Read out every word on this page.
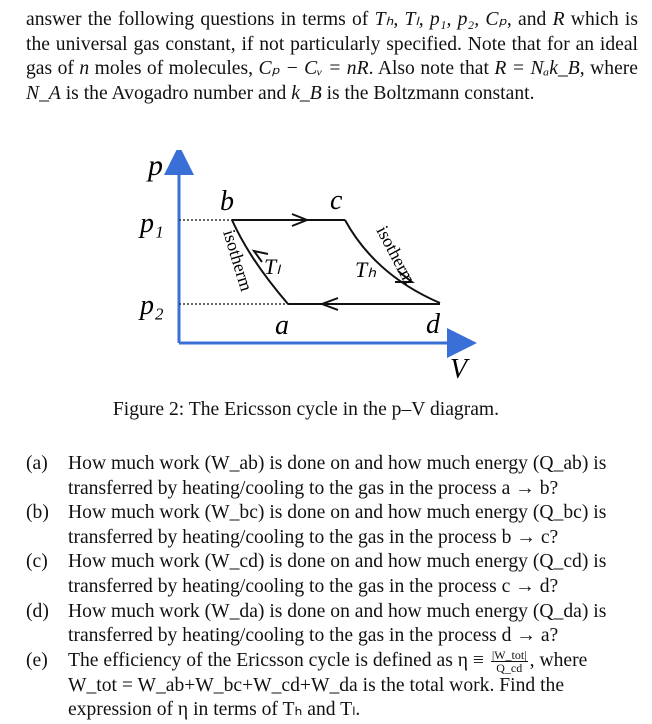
answer the following questions in terms of Tₕ, Tₗ, p₁, p₂, Cₚ, and R which is the universal gas constant, if not particularly specified. Note that for an ideal gas of n moles of molecules, Cₚ − Cᵥ = nR. Also note that R = Nₐk_B, where N_A is the Avogadro number and k_B is the Boltzmann constant.

p
V
p₁
p₂
b	c
a	d
isotherm	isotherm
Tₗ	Tₕ
Figure 2: The Ericsson cycle in the p–V diagram.
(a) How much work (W_ab) is done on and how much energy (Q_ab) is transferred by heating/cooling to the gas in the process a → b?
(b) How much work (W_bc) is done on and how much energy (Q_bc) is transferred by heating/cooling to the gas in the process b → c?
(c) How much work (W_cd) is done on and how much energy (Q_cd) is transferred by heating/cooling to the gas in the process c → d?
(d) How much work (W_da) is done on and how much energy (Q_da) is transferred by heating/cooling to the gas in the process d → a?
(e) The efficiency of the Ericsson cycle is defined as $\eta \equiv \frac{\text{|W\_tot|}}{Q\_cd}$ , where W_tot = W_ab+W_bc+W_cd+W_da is the total work. Find the expression of η in terms of Tₕ and Tₗ.
